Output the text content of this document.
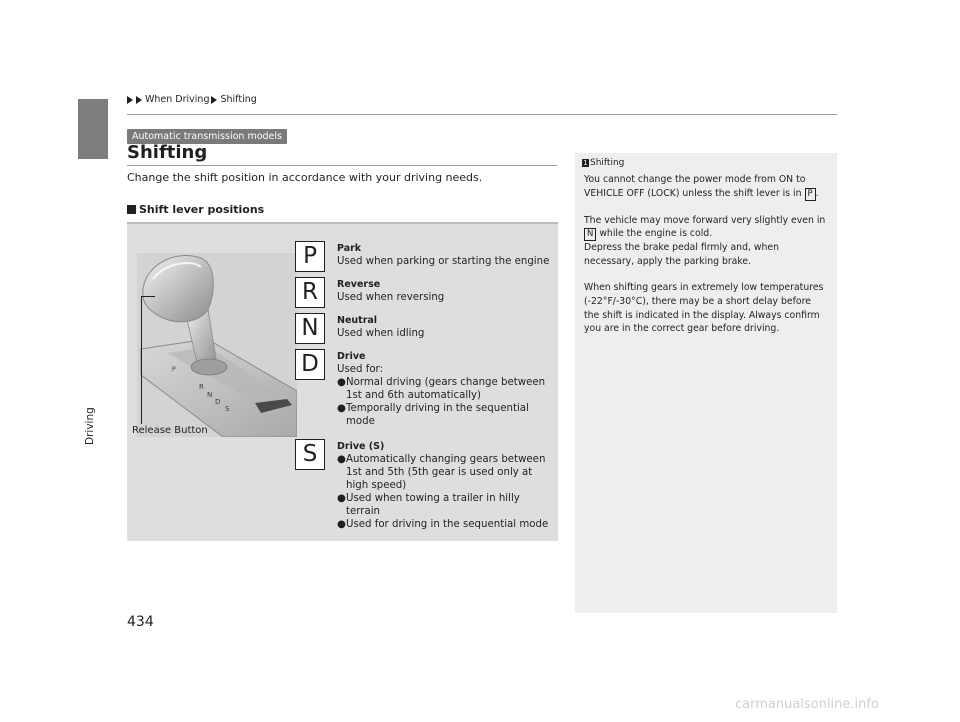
Driving
When Driving Shifting
Automatic transmission models
Shifting
Change the shift position in accordance with your driving needs.
Shift lever positions
P
R
N
D
S
Release Button
P	Park
Used when parking or starting the engine
R	Reverse
Used when reversing
N	Neutral
Used when idling
D	Drive
Used for:
● Normal driving (gears change between 1st and 6th automatically)
● Temporally driving in the sequential mode
S	Drive (S)
● Automatically changing gears between 1st and 5th (5th gear is used only at high speed)
● Used when towing a trailer in hilly terrain
● Used for driving in the sequential mode
1 Shifting

You cannot change the power mode from ON to VEHICLE OFF (LOCK) unless the shift lever is in P .

The vehicle may move forward very slightly even in
N while the engine is cold.
Depress the brake pedal firmly and, when necessary, apply the parking brake.

When shifting gears in extremely low temperatures (-22°F/-30°C), there may be a short delay before the shift is indicated in the display. Always confirm you are in the correct gear before driving.

434
carmanualsonline.info
